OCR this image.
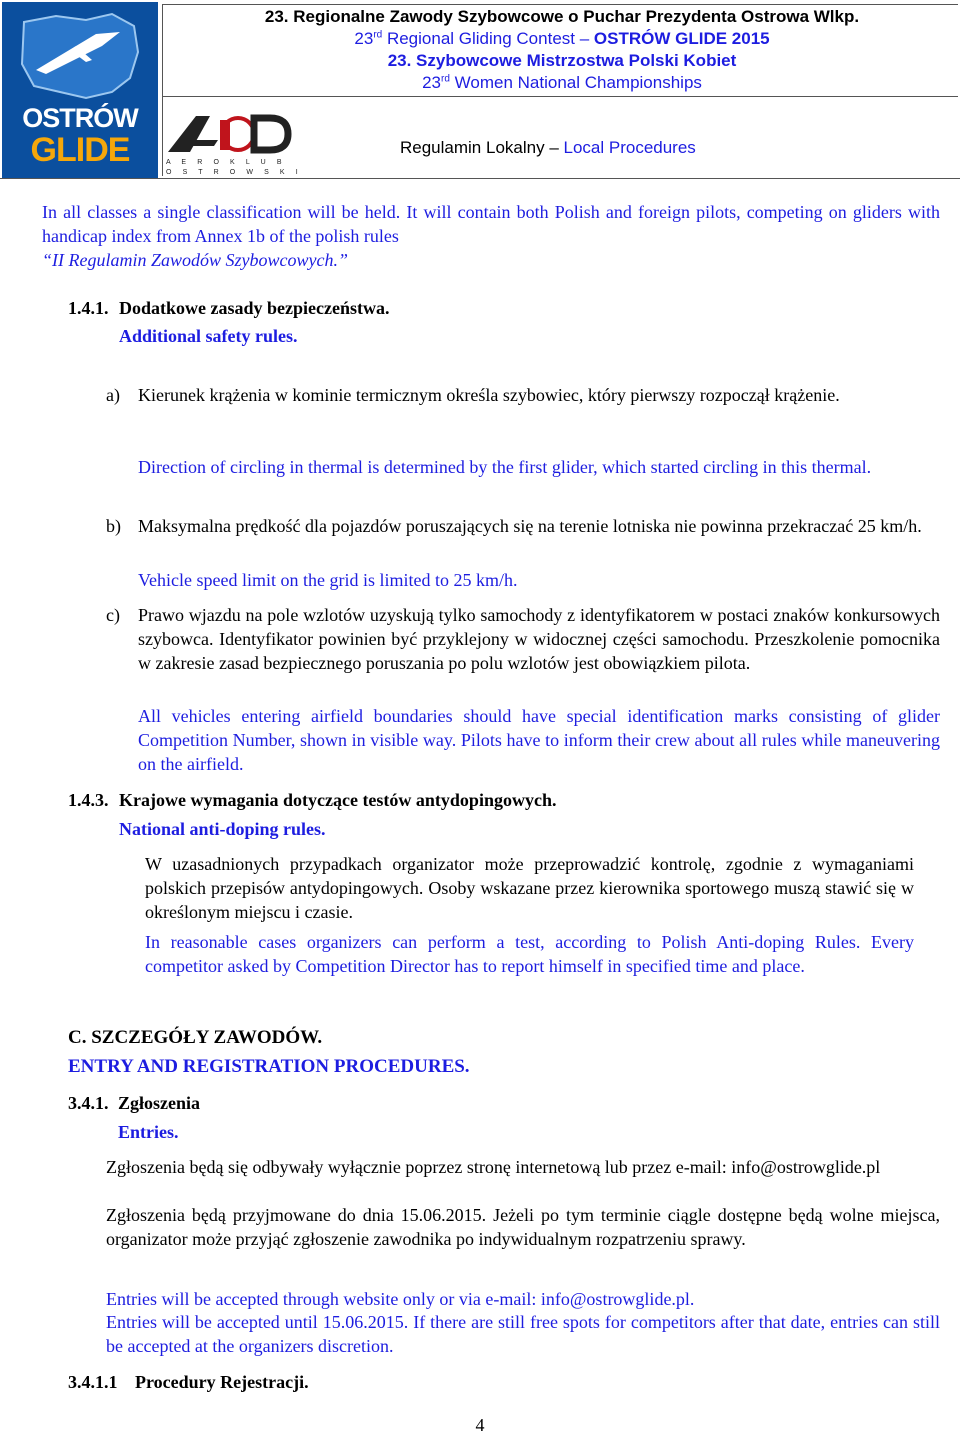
OSTRÓW
GLIDE	A E R O K L U B
O S T R O W S K I
23. Regionalne Zawody Szybowcowe o Puchar Prezydenta Ostrowa Wlkp.
23rd Regional Gliding Contest – OSTRÓW GLIDE 2015
23. Szybowcowe Mistrzostwa Polski Kobiet
23rd Women National Championships
Regulamin Lokalny – Local Procedures
In all classes a single classification will be held. It will contain both Polish and foreign pilots, competing on gliders with handicap index from Annex 1b of the polish rules
“II Regulamin Zawodów Szybowcowych.”
1.4.1. Dodatkowe zasady bezpieczeństwa.
Additional safety rules.
a) Kierunek krążenia w kominie termicznym określa szybowiec, który pierwszy rozpoczął krążenie.
Direction of circling in thermal is determined by the first glider, which started circling in this thermal.
b) Maksymalna prędkość dla pojazdów poruszających się na terenie lotniska nie powinna przekraczać 25 km/h.
Vehicle speed limit on the grid is limited to 25 km/h.
c) Prawo wjazdu na pole wzlotów uzyskują tylko samochody z identyfikatorem w postaci znaków konkursowych szybowca. Identyfikator powinien być przyklejony w widocznej części samochodu. Przeszkolenie pomocnika w zakresie zasad bezpiecznego poruszania po polu wzlotów jest obowiązkiem pilota.
All vehicles entering airfield boundaries should have special identification marks consisting of glider Competition Number, shown in visible way. Pilots have to inform their crew about all rules while maneuvering on the airfield.
1.4.3. Krajowe wymagania dotyczące testów antydopingowych.
National anti-doping rules.
W uzasadnionych przypadkach organizator może przeprowadzić kontrolę, zgodnie z wymaganiami polskich przepisów antydopingowych. Osoby wskazane przez kierownika sportowego muszą stawić się w określonym miejscu i czasie.
In reasonable cases organizers can perform a test, according to Polish Anti-doping Rules. Every competitor asked by Competition Director has to report himself in specified time and place.
C. SZCZEGÓŁY ZAWODÓW.
ENTRY AND REGISTRATION PROCEDURES.
3.4.1. Zgłoszenia
Entries.
Zgłoszenia będą się odbywały wyłącznie poprzez stronę internetową lub przez e-mail: info@ostrowglide.pl
Zgłoszenia będą przyjmowane do dnia 15.06.2015. Jeżeli po tym terminie ciągle dostępne będą wolne miejsca, organizator może przyjąć zgłoszenie zawodnika po indywidualnym rozpatrzeniu sprawy.
Entries will be accepted through website only or via e-mail: info@ostrowglide.pl.
Entries will be accepted until 15.06.2015. If there are still free spots for competitors after that date, entries can still be accepted at the organizers discretion.
3.4.1.1 Procedury Rejestracji.
4
